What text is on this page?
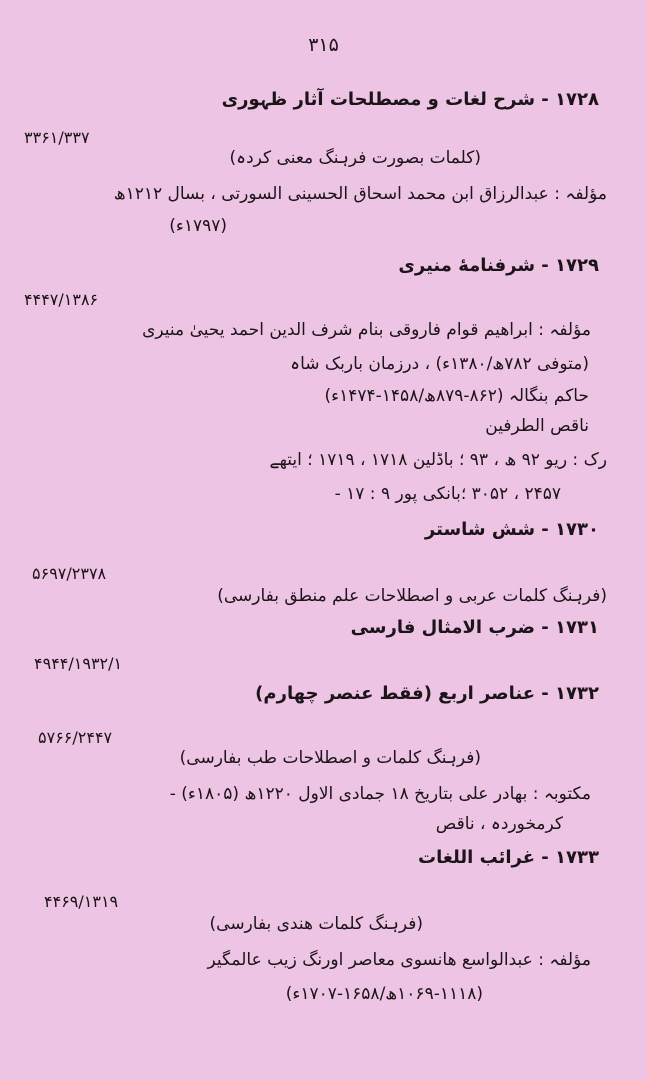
۳۱۵
۱۷۲۸ - شرح لغات و مصطلحات آثار ظہوری
۳۳۶۱/۳۳۷
(کلمات بصورت فرہنگ معنی کردہ)
مؤلفہ : عبدالرزاق ابن محمد اسحاق الحسینی السورتی ، بسال ۱۲۱۲ھ
(۱۷۹۷ء)
۱۷۲۹ - شرفنامهٔ منیری
۴۴۴۷/۱۳۸۶
مؤلفہ : ابراهیم قوام فاروقی بنام شرف الدین احمد یحییٰ منیری
(متوفی ۷۸۲ھ/۱۳۸۰ء) ، درزمان باربک شاہ
حاکم بنگالہ (۸۶۲-۸۷۹ھ/۱۴۵۸-۱۴۷۴ء)
ناقص الطرفین
رک : ریو ۹۲ ھ ، ۹۳ ؛ باڈلین ۱۷۱۸ ، ۱۷۱۹ ؛ ایتھے
۲۴۵۷ ، ۳۰۵۲ ؛بانکی پور ۹ : ۱۷ -
۱۷۳۰ - شش شاستر
۵۶۹۷/۲۳۷۸
(فرہنگ کلمات عربی و اصطلاحات علم منطق بفارسی)
۱۷۳۱ - ضرب الامثال فارسی
۴۹۴۴/۱۹۳۲/۱
۱۷۳۲ - عناصر اربع (فقط عنصر چهارم)
۵۷۶۶/۲۴۴۷
(فرہنگ کلمات و اصطلاحات طب بفارسی)
مکتوبہ : بهادر علی بتاریخ ۱۸ جمادی الاول ۱۲۲۰ھ (۱۸۰۵ء) -
کرمخوردہ ، ناقص
۱۷۳۳ - غرائب اللغات
۴۴۶۹/۱۳۱۹
(فرہنگ کلمات هندی بفارسی)
مؤلفہ : عبدالواسع هانسوی معاصر اورنگ زیب عالمگیر
(۱۰۶۹-۱۱۱۸ھ/۱۶۵۸-۱۷۰۷ء)
